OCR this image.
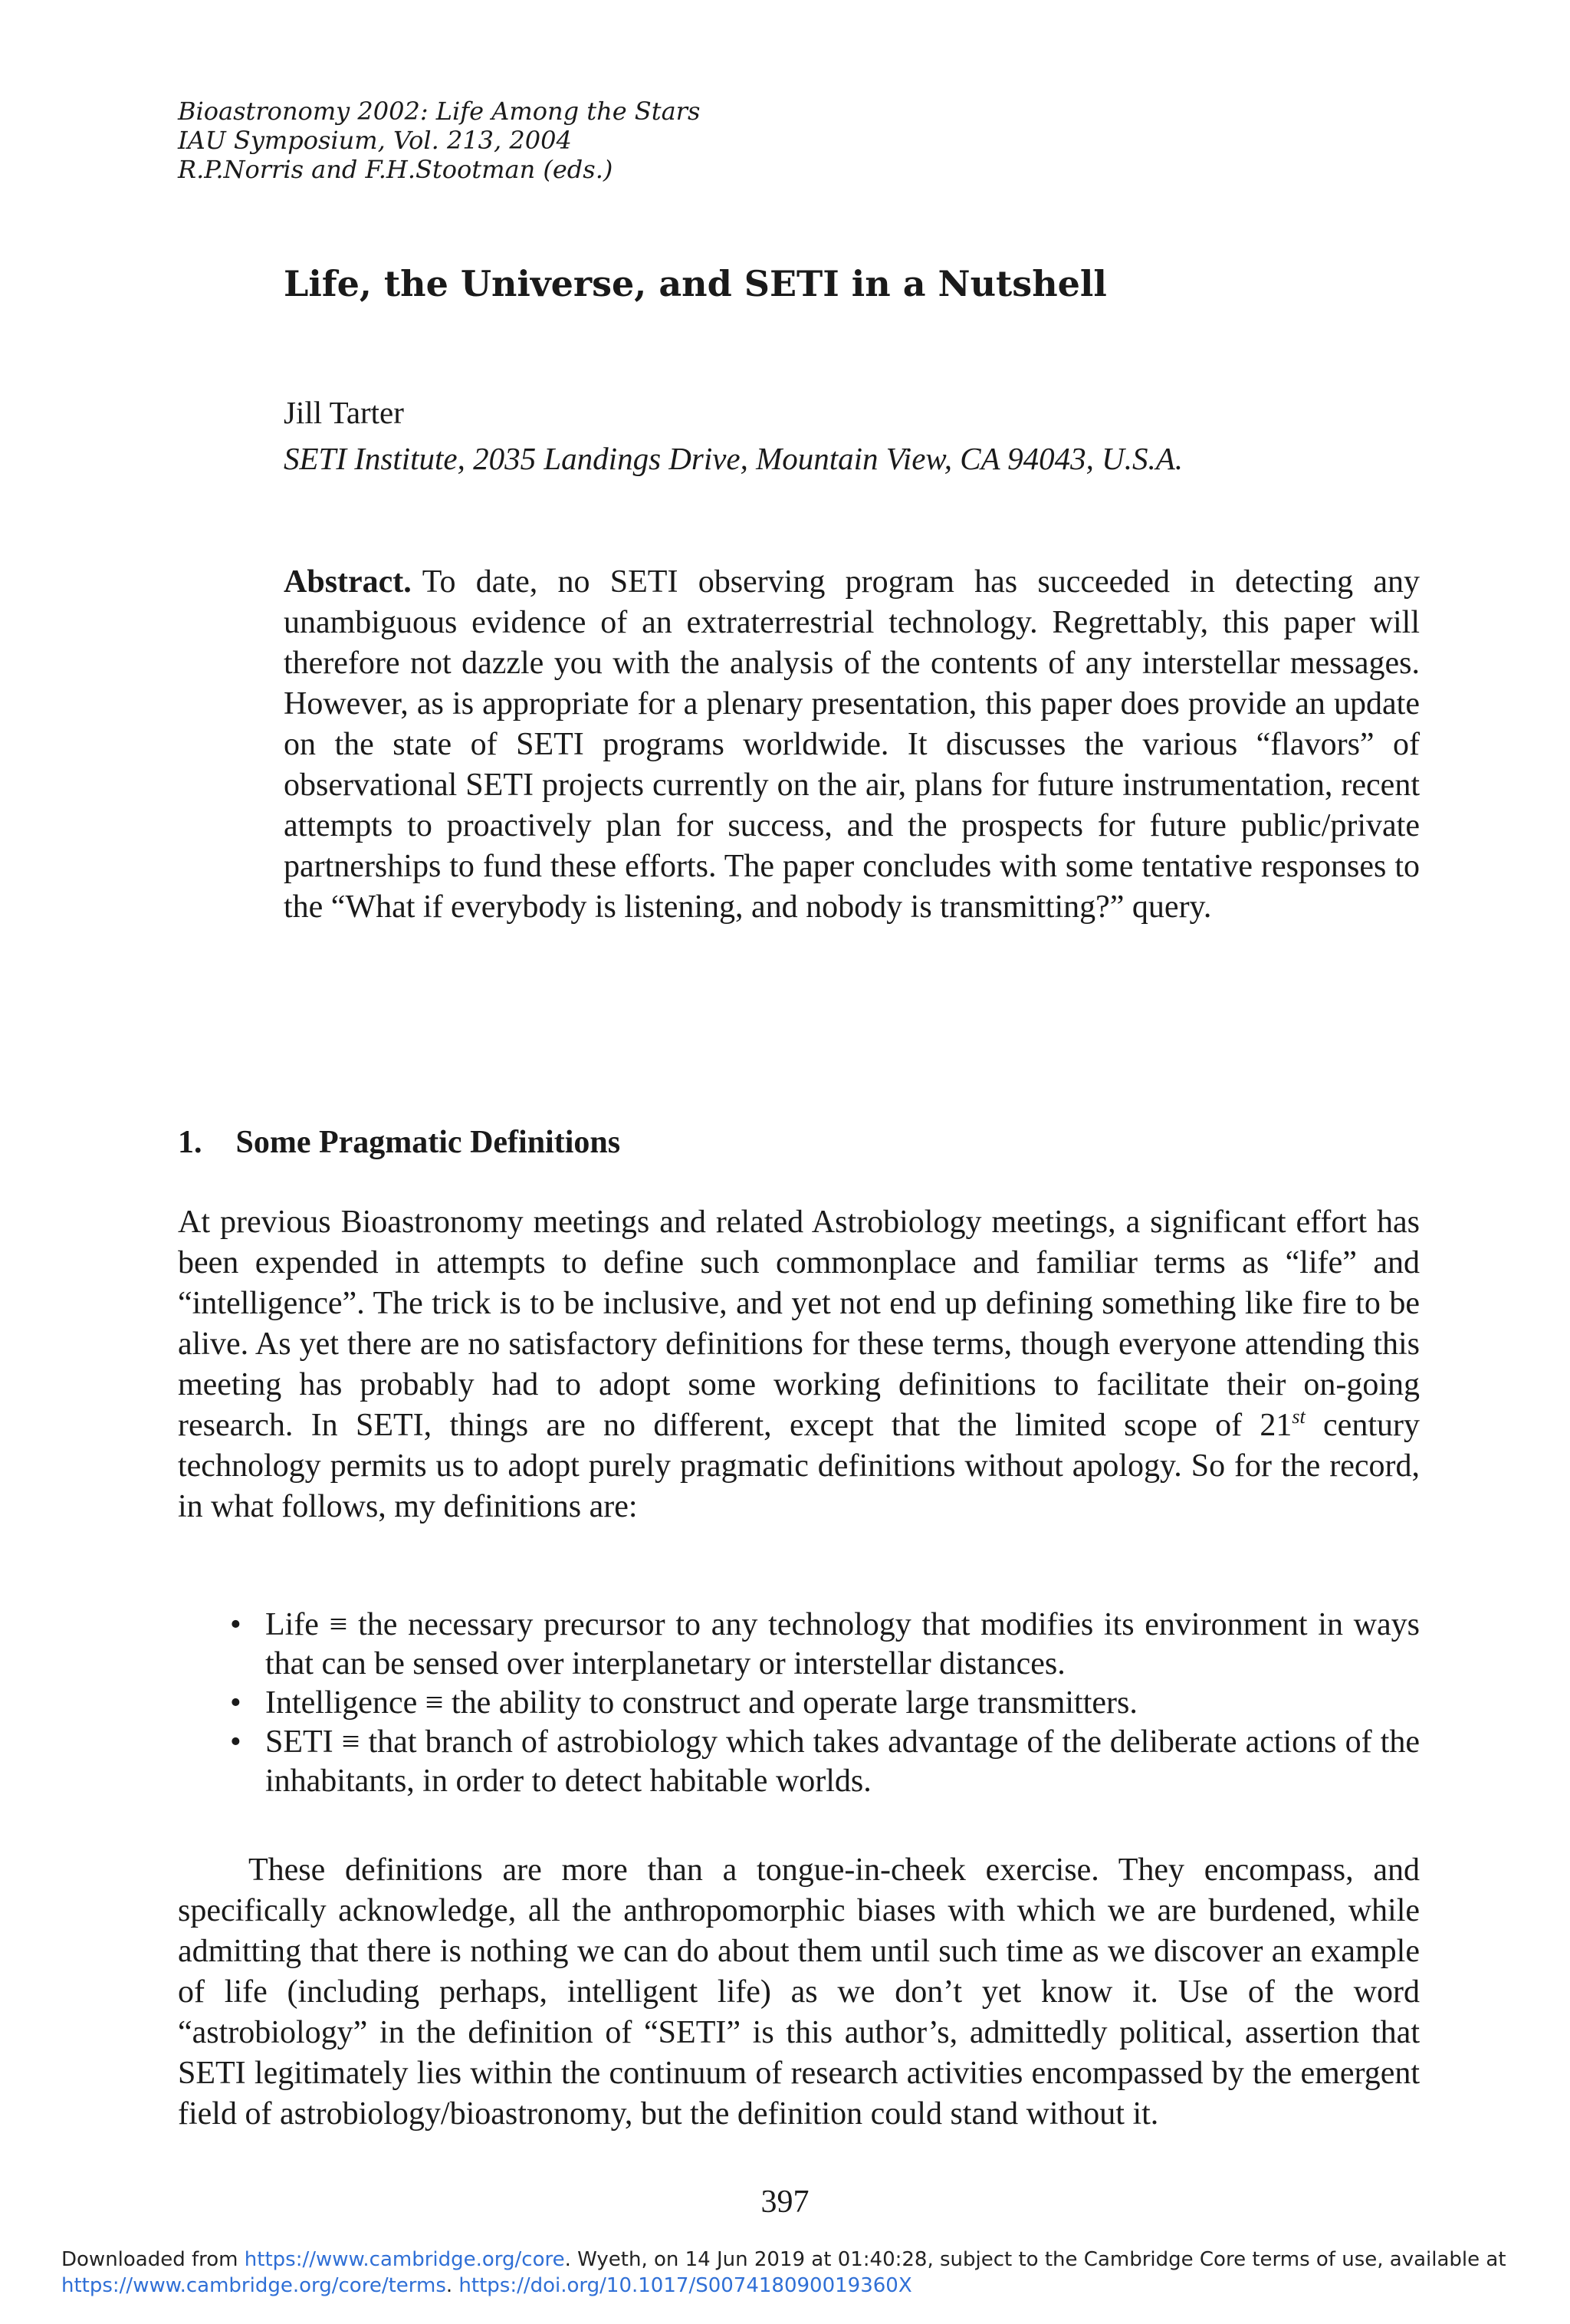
Bioastronomy 2002: Life Among the Stars
IAU Symposium, Vol. 213, 2004
R.P.Norris and F.H.Stootman (eds.)
Life, the Universe, and SETI in a Nutshell
Jill Tarter
SETI Institute, 2035 Landings Drive, Mountain View, CA 94043, U.S.A.
Abstract. To date, no SETI observing program has succeeded in detecting any unambiguous evidence of an extraterrestrial technology. Regrettably, this paper will therefore not dazzle you with the analysis of the contents of any interstellar messages. However, as is appropriate for a plenary presentation, this paper does provide an update on the state of SETI programs worldwide. It discusses the various “flavors” of observational SETI projects currently on the air, plans for future instrumentation, recent attempts to proactively plan for success, and the prospects for future public/private partnerships to fund these efforts. The paper concludes with some tentative responses to the “What if everybody is listening, and nobody is transmitting?” query.
1. Some Pragmatic Definitions
At previous Bioastronomy meetings and related Astrobiology meetings, a significant effort has been expended in attempts to define such commonplace and familiar terms as “life” and “intelligence”. The trick is to be inclusive, and yet not end up defining something like fire to be alive. As yet there are no satisfactory definitions for these terms, though everyone attending this meeting has probably had to adopt some working definitions to facilitate their on-going research. In SETI, things are no different, except that the limited scope of 21st century technology permits us to adopt purely pragmatic definitions without apology. So for the record, in what follows, my definitions are:
• Life ≡ the necessary precursor to any technology that modifies its environment in ways that can be sensed over interplanetary or interstellar distances.
• Intelligence ≡ the ability to construct and operate large transmitters.
• SETI ≡ that branch of astrobiology which takes advantage of the deliberate actions of the inhabitants, in order to detect habitable worlds.
These definitions are more than a tongue-in-cheek exercise. They encompass, and specifically acknowledge, all the anthropomorphic biases with which we are burdened, while admitting that there is nothing we can do about them until such time as we discover an example of life (including perhaps, intelligent life) as we don’t yet know it. Use of the word “astrobiology” in the definition of “SETI” is this author’s, admittedly political, assertion that SETI legitimately lies within the continuum of research activities encompassed by the emergent field of astrobiology/bioastronomy, but the definition could stand without it.
397
Downloaded from https://www.cambridge.org/core. Wyeth, on 14 Jun 2019 at 01:40:28, subject to the Cambridge Core terms of use, available at
https://www.cambridge.org/core/terms. https://doi.org/10.1017/S007418090019360X
